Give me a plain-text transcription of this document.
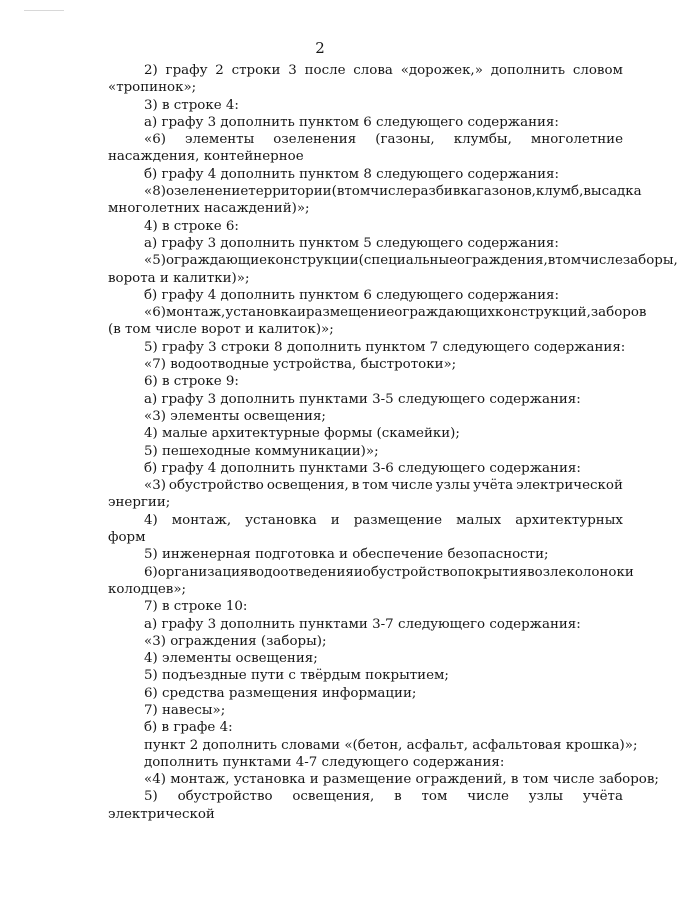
2
2) графу 2 строки 3 после слова «дорожек,» дополнить словом
«тропинок»;
3) в строке 4:
а) графу 3 дополнить пунктом 6 следующего содержания:
«6) элементы озеленения (газоны, клумбы, многолетние
насаждения, контейнерное
б) графу 4 дополнить пунктом 8 следующего содержания:
«8) озеленение территории (в том числе разбивка газонов, клумб, высадка
многолетних насаждений)»;
4) в строке 6:
а) графу 3 дополнить пунктом 5 следующего содержания:
«5) ограждающие конструкции (специальные ограждения, в том числе заборы,
ворота и калитки)»;
б) графу 4 дополнить пунктом 6 следующего содержания:
«6) монтаж, установка и размещение ограждающих конструкций, заборов
(в том числе ворот и калиток)»;
5) графу 3 строки 8 дополнить пунктом 7 следующего содержания:
«7) водоотводные устройства, быстротоки»;
6) в строке 9:
а) графу 3 дополнить пунктами 3-5 следующего содержания:
«3) элементы освещения;
4) малые архитектурные формы (скамейки);
5) пешеходные коммуникации)»;
б) графу 4 дополнить пунктами 3-6 следующего содержания:
«3) обустройство освещения, в том числе узлы учёта электрической
энергии;
4) монтаж, установка и размещение малых архитектурных
форм
5) инженерная подготовка и обеспечение безопасности;
6) организация водоотведения и обустройство покрытия возле колонок и
колодцев»;
7) в строке 10:
а) графу 3 дополнить пунктами 3-7 следующего содержания:
«3) ограждения (заборы);
4) элементы освещения;
5) подъездные пути с твёрдым покрытием;
6) средства размещения информации;
7) навесы»;
б) в графе 4:
пункт 2 дополнить словами «(бетон, асфальт, асфальтовая крошка)»;
дополнить пунктами 4-7 следующего содержания:
«4) монтаж, установка и размещение ограждений, в том числе заборов;
5) обустройство освещения, в том числе узлы учёта
электрической
